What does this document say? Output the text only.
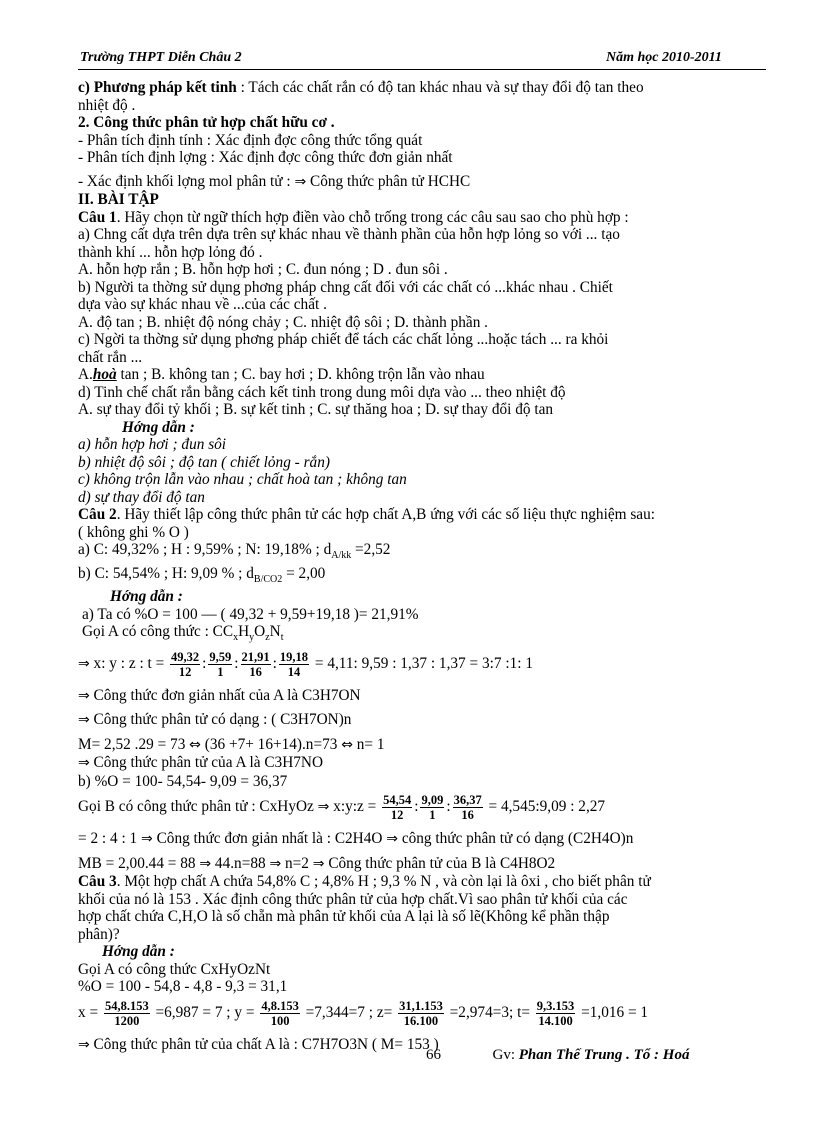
Trường THPT Diễn Châu 2	Năm học 2010-2011

c) Phương pháp kết tinh : Tách các chất rắn có độ tan khác nhau và sự thay đổi độ tan theo

nhiệt độ .

2. Công thức phân tử hợp chất hữu cơ .

- Phân tích định tính : Xác định đợc công thức tổng quát

- Phân tích định lợng : Xác định đợc công thức đơn giản nhất

- Xác định khối lợng mol phân tử : ⇒ Công thức phân tử HCHC

II. BÀI TẬP

Câu 1. Hãy chọn từ ngữ thích hợp điền vào chỗ trống trong các câu sau sao cho phù hợp :

a) Chng cất dựa trên dựa trên sự khác nhau về thành phần của hỗn hợp lỏng so với ... tạo

thành khí ... hỗn hợp lỏng đó .

A. hỗn hợp rắn ; B. hỗn hợp hơi ; C. đun nóng ; D . đun sôi .

b) Người ta thờng sử dụng phơng pháp chng cất đối với các chất có ...khác nhau . Chiết

dựa vào sự khác nhau về ...của các chất .

A. độ tan ; B. nhiệt độ nóng chảy ; C. nhiệt độ sôi ; D. thành phần .

c) Ngời ta thờng sử dụng phơng pháp chiết để tách các chất lỏng ...hoặc tách ... ra khỏi

chất rắn ...

A.hoà tan ; B. không tan ; C. bay hơi ; D. không trộn lẫn vào nhau

d) Tinh chế chất rắn bằng cách kết tinh trong dung môi dựa vào ... theo nhiệt độ

A. sự thay đổi tỷ khối ; B. sự kết tinh ; C. sự thăng hoa ; D. sự thay đổi độ tan

Hớng dẫn :

a) hỗn hợp hơi ; đun sôi

b) nhiệt độ sôi ; độ tan ( chiết lỏng - rắn)

c) không trộn lẫn vào nhau ; chất hoà tan ; không tan

d) sự thay đổi độ tan

Câu 2. Hãy thiết lập công thức phân tử các hợp chất A,B ứng với các số liệu thực nghiệm sau:

( không ghi % O )

a) C: 49,32% ; H : 9,59% ; N: 19,18% ; $d_{A/kk} =2,52$

b) C: 54,54% ; H: 9,09 % ; $d_{B/CO2} = 2,00$

Hớng dẫn :

a) Ta có %O = 100 — ( 49,32 + 9,59+19,18 )= 21,91%

Gọi A có công thức : $CC_xH_yO_zN_t$

⇒ x: y : z : $t = \frac{49,32}{12}$ : $\frac{9,59}{1}$ : $\frac{21,91}{16}$ : $\frac{19,18}{14} = 4,11$: 9,59 : 1,37 : 1,37 = 3:7 :1: 1

⇒ Công thức đơn giản nhất của A là C3H7ON

⇒ Công thức phân tử có dạng : ( C3H7ON)n

M= 2,52 .29 = 73 ⇔ (36 +7+ 16+14).n=73 ⇔ n= 1

⇒ Công thức phân tử của A là C3H7NO

b) %O = 100- 54,54- 9,09 = 36,37

Gọi B có công thức phân tử : CxHyOz ⇒ x:y:z = $\frac{54,54}{12}$ : $\frac{9,09}{1}$ : $\frac{36,37}{16}$ = 4,545:9,09 : 2,27

= 2 : 4 : 1 ⇒ Công thức đơn giản nhất là : C2H4O ⇒ công thức phân tử có dạng (C2H4O)n

MB = 2,00.44 = 88 ⇒ 44.n=88 ⇒ n=2 ⇒ Công thức phân tử của B là C4H8O2

Câu 3. Một hợp chất A chứa 54,8% C ; 4,8% H ; 9,3 % N , và còn lại là ôxi , cho biết phân tử

khối của nó là 153 . Xác định công thức phân tử của hợp chất.Vì sao phân tử khối của các

hợp chất chứa C,H,O là số chẵn mà phân tử khối của A lại là số lẽ(Không kể phần thập

phân)?

Hớng dẫn :

Gọi A có công thức CxHyOzNt

%O = 100 - 54,8 - 4,8 - 9,3 = 31,1

$x = \frac{54,8.153}{1200} =6,987 = 7$ ; $y = \frac{4,8.153}{100} =7,344=7$ ; $z= \frac{31,1.153}{16.100} =2,974=3$; $t= \frac{9,3.153}{14.100} =1,016 = 1$

⇒ Công thức phân tử của chất A là : C7H7O3N ( M= 153 )

66	Gv: Phan Thế Trung . Tổ : Hoá
